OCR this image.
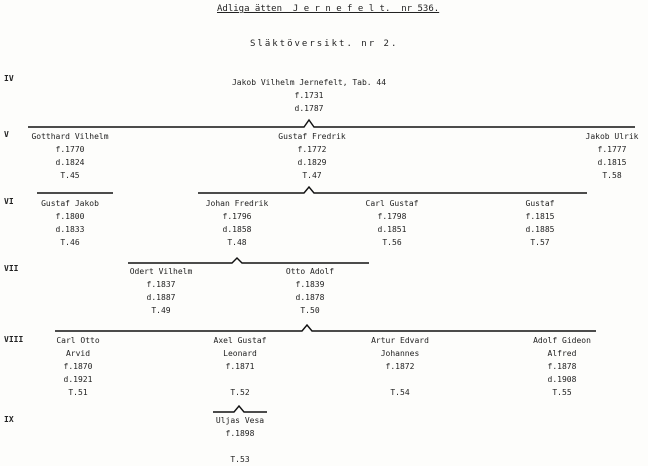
Adliga ätten  J e r n e f e l t.  nr 536.
Släktöversikt. nr 2.
IV
V
VI
VII
VIII
IX
Jakob Vilhelm Jernefelt, Tab. 44
f.1731
d.1787
Gotthard Vilhelm
f.1770
d.1824
T.45
Gustaf Fredrik
f.1772
d.1829
T.47
Jakob Ulrik
f.1777
d.1815
T.58
Gustaf Jakob
f.1800
d.1833
T.46
Johan Fredrik
f.1796
d.1858
T.48
Carl Gustaf
f.1798
d.1851
T.56
Gustaf
f.1815
d.1885
T.57
Odert Vilhelm
f.1837
d.1887
T.49
Otto Adolf
f.1839
d.1878
T.50
Carl Otto
Arvid
f.1870
d.1921
T.51
Axel Gustaf
Leonard
f.1871

T.52
Artur Edvard
Johannes
f.1872

T.54
Adolf Gideon
Alfred
f.1878
d.1908
T.55
Uljas Vesa
f.1898

T.53
